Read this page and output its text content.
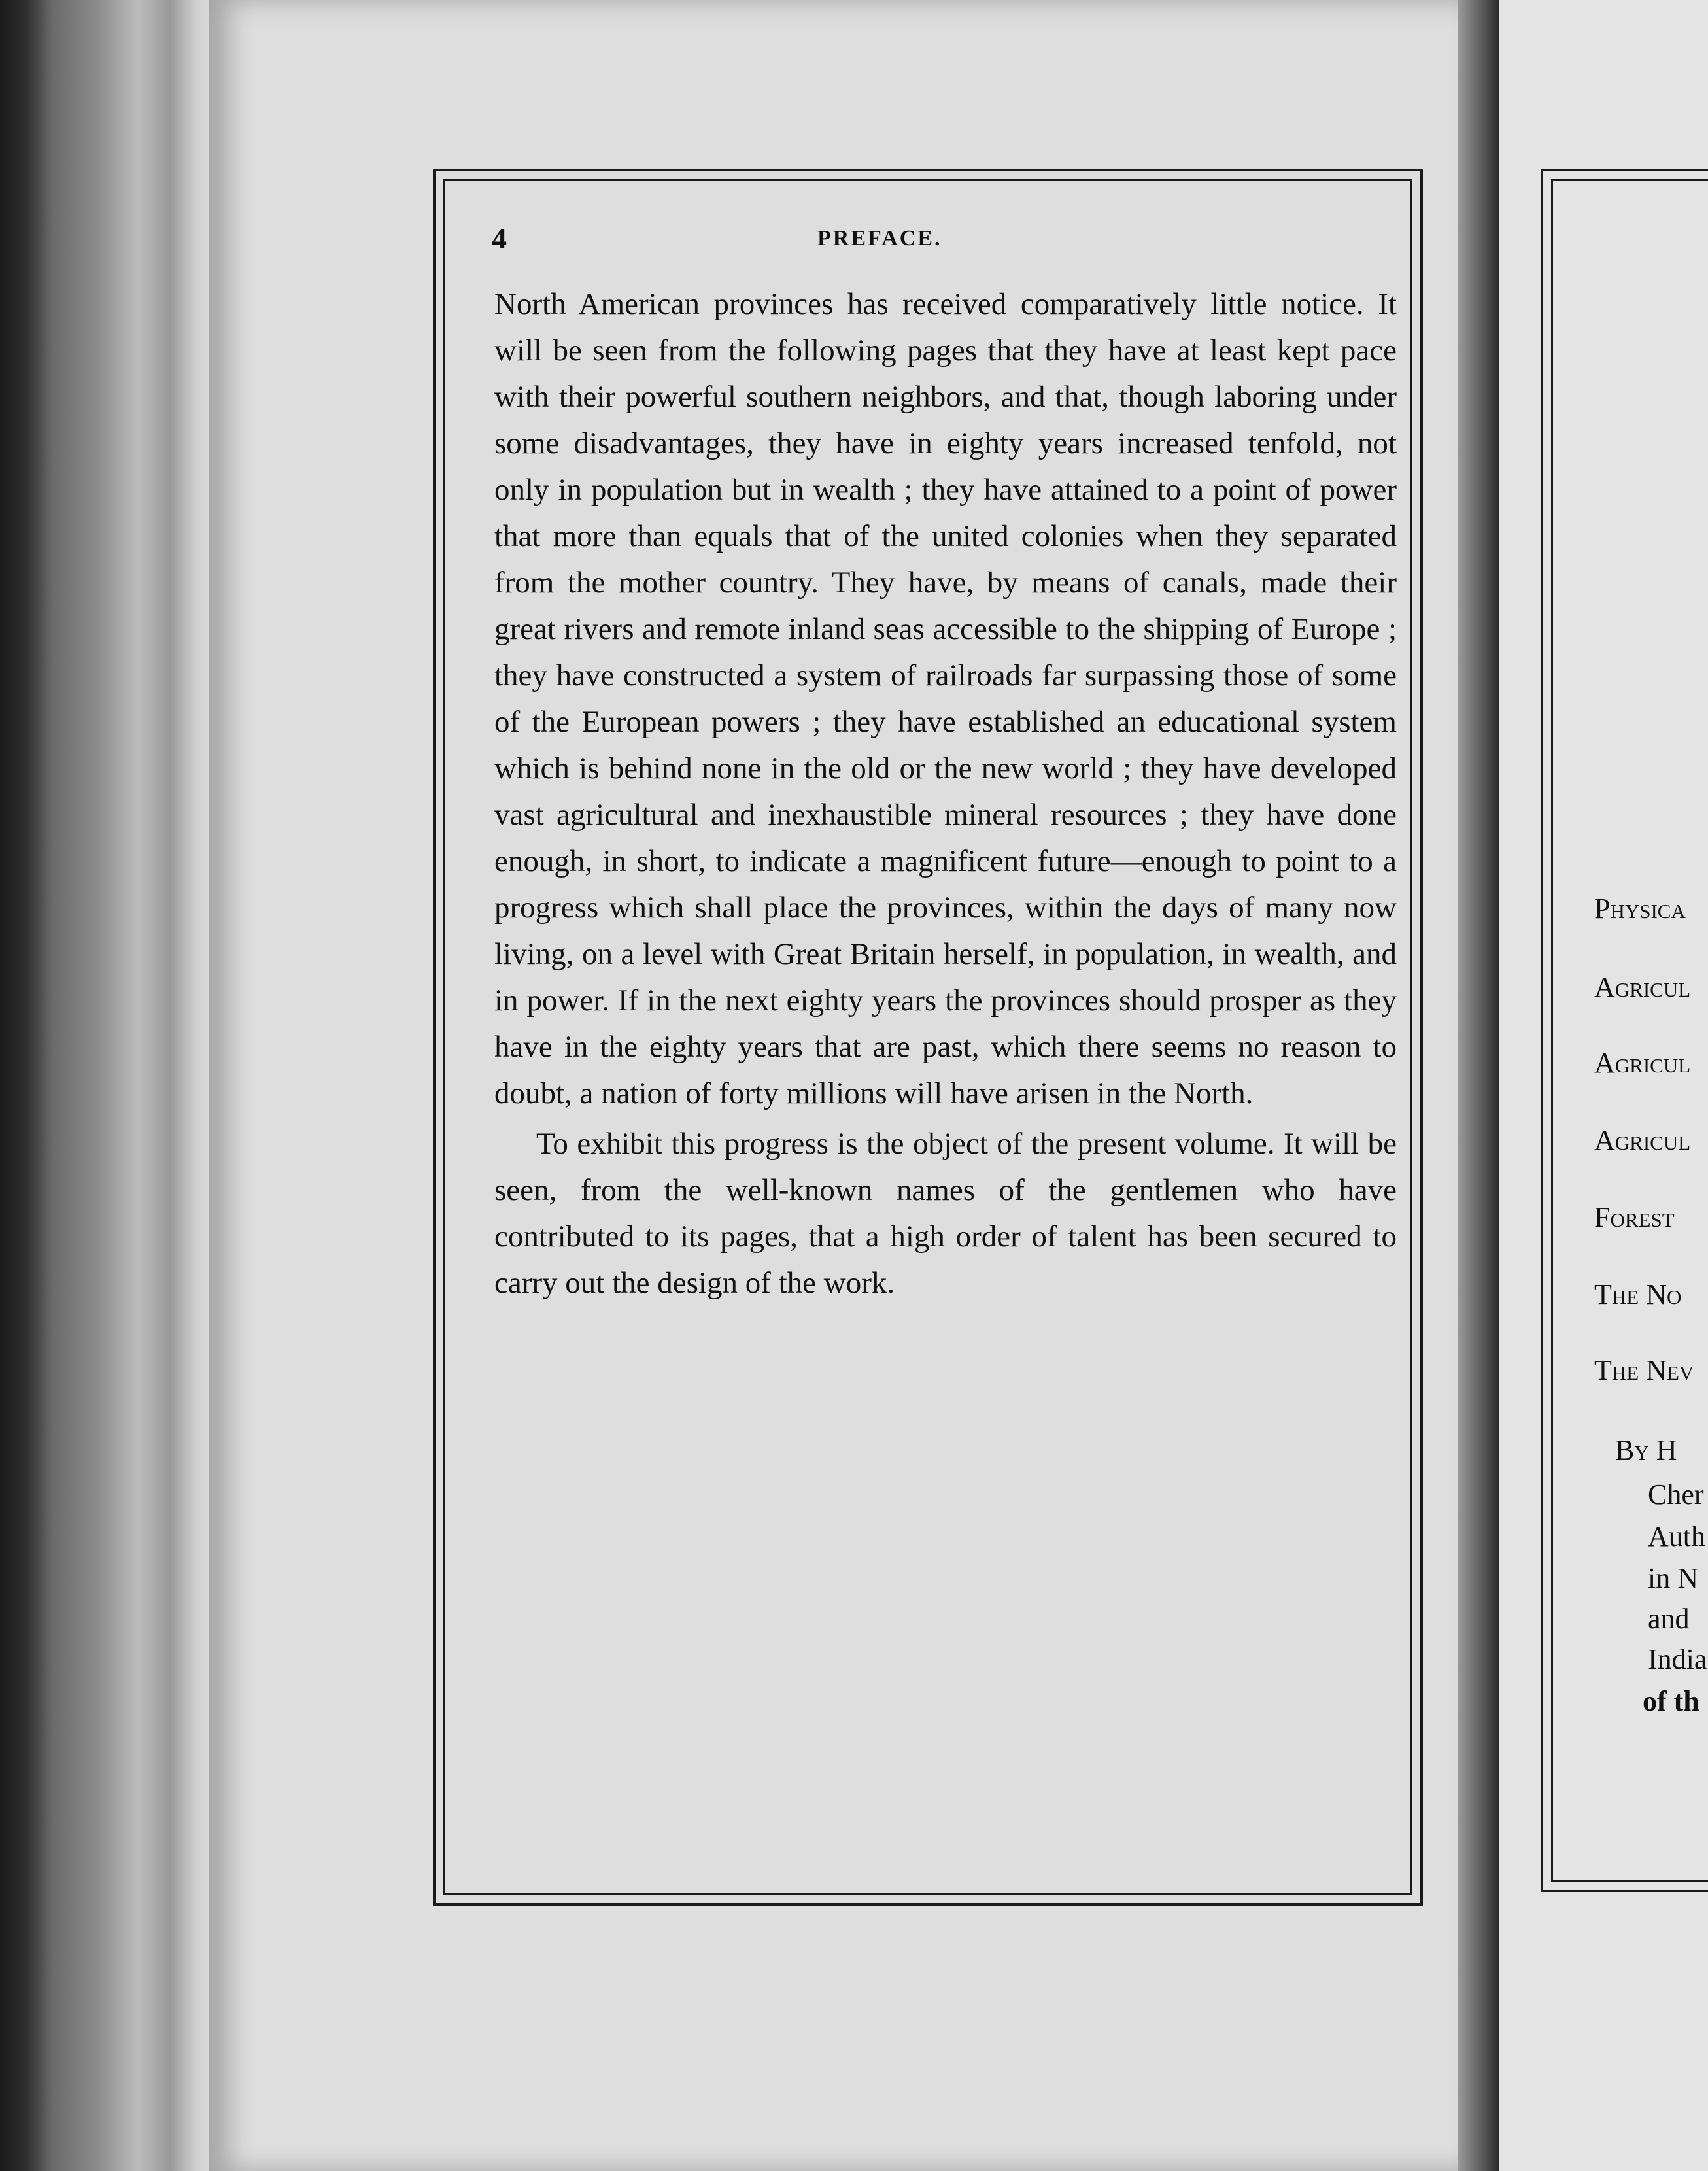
4	PREFACE.

North American provinces has received comparatively little notice. It will be seen from the following pages that they have at least kept pace with their powerful southern neighbors, and that, though laboring under some disadvantages, they have in eighty years increased tenfold, not only in population but in wealth ; they have attained to a point of power that more than equals that of the united colonies when they separated from the mother country. They have, by means of canals, made their great rivers and remote inland seas accessible to the shipping of Europe ; they have constructed a system of railroads far surpassing those of some of the European powers ; they have established an educational system which is behind none in the old or the new world ; they have developed vast agricultural and inexhaustible mineral resources ; they have done enough, in short, to indicate a magnificent future—enough to point to a progress which shall place the provinces, within the days of many now living, on a level with Great Britain herself, in population, in wealth, and in power. If in the next eighty years the provinces should prosper as they have in the eighty years that are past, which there seems no reason to doubt, a nation of forty millions will have arisen in the North.

To exhibit this progress is the object of the present volume. It will be seen, from the well-known names of the gentlemen who have contributed to its pages, that a high order of talent has been secured to carry out the design of the work.

Physica
Agricul
Agricul
Agricul
Forest
The No
The Nev
By H
Cher
Auth
in N
and
India
of th
